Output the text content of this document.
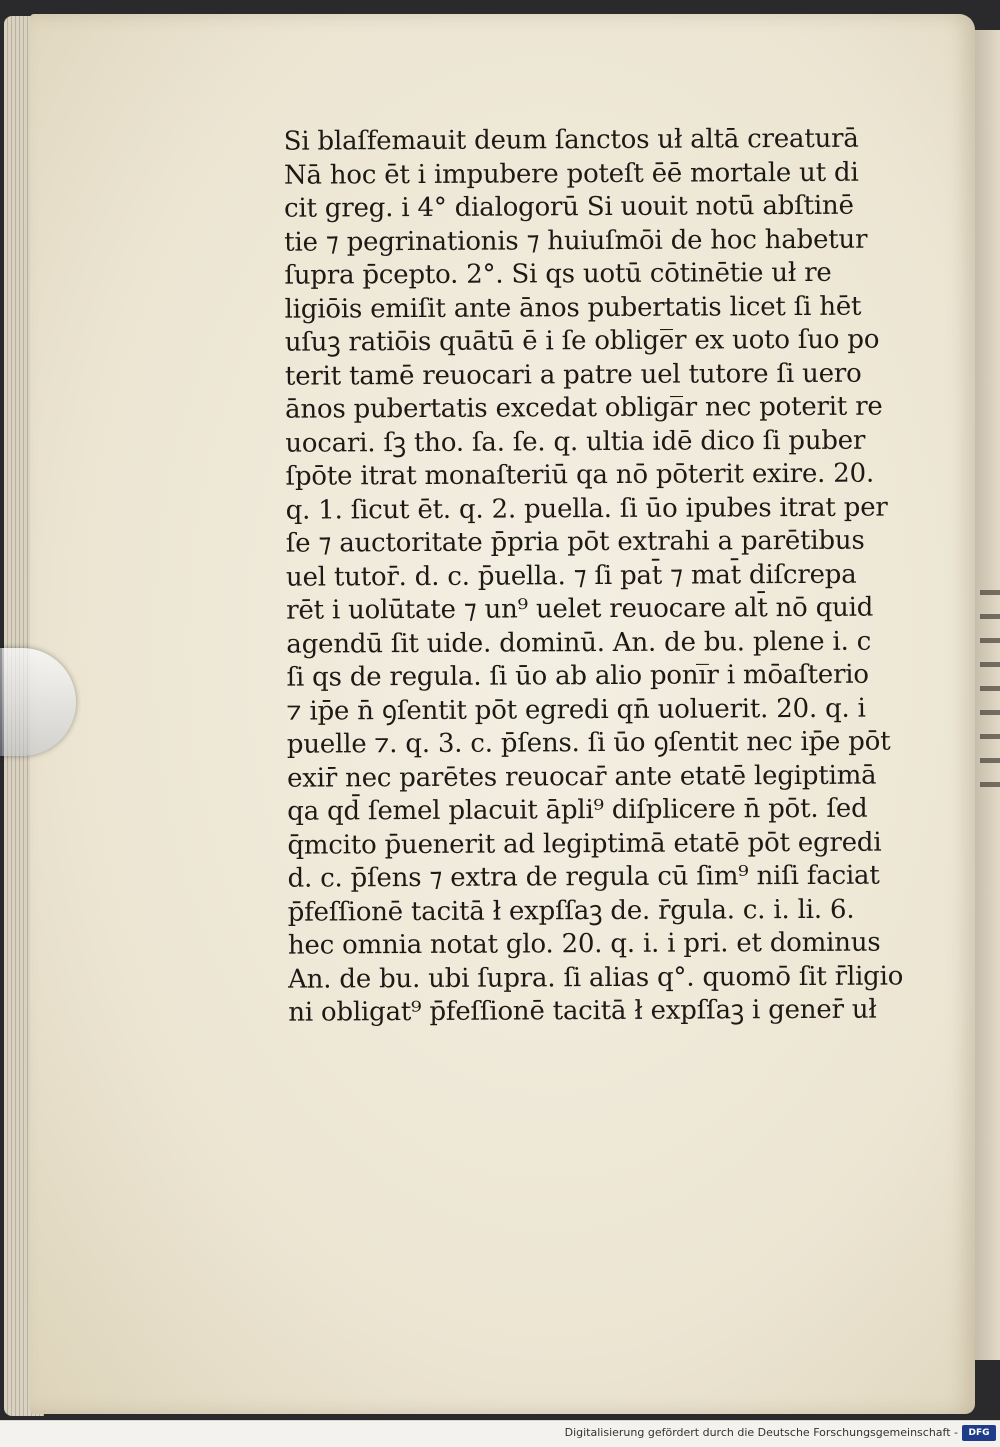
Si blaſfemauit deum ſanctos uł altā creaturā
Nā hoc ēt i impubere poteſt ēē mortale ut di
cit greg. i 4° dialogorū Si uouit notū abſtinē
tie ⁊ pegrinationis ⁊ huiuſmōi de hoc habetur
ſupra p̄cepto. 2°. Si qs uotū cōtinētie uł re
ligiōis emiſit ante ānos pubertatis licet ſi hēt
uſuꝫ ratiōis quātū ē i ſe oblige̅r ex uoto ſuo po
terit tamē reuocari a patre uel tutore ſi uero
ānos pubertatis excedat obliga̅r nec poterit re
uocari. ſꝫ tho. ſa. ſe. q. ultia idē dico ſi puber
ſpōte itrat monaſteriū qa nō pōterit exire. 20.
q. 1. ſicut ēt. q. 2. puella. ſi ūo ipubes itrat per
ſe ⁊ auctoritate p̄pria pōt extrahi a parētibus
uel tutor̄. d. c. p̄uella. ⁊ ſi pat̄ ⁊ mat̄ diſcrepa
rēt i uolūtate ⁊ un⁹ uelet reuocare alt̄ nō quid
agendū ſit uide. dominū. An. de bu. plene i. c
ſi qs de regula. ſi ūo ab alio poni̅r i mōaſterio
⁊ ip̄e n̄ ꝯſentit pōt egredi qn̄ uoluerit. 20. q. i
puelle ⁊. q. 3. c. p̄ſens. ſi ūo ꝯſentit nec ip̄e pōt
exir̄ nec parētes reuocar̄ ante etatē legiptimā
qa qd̄ ſemel placuit āpli⁹ diſplicere n̄ pōt. ſed
q̄mcito p̄uenerit ad legiptimā etatē pōt egredi
d. c. p̄ſens ⁊ extra de regula cū ſim⁹ niſi faciat
p̄feſſionē tacitā ł expſſaꝫ de. r̄gula. c. i. li. 6.
hec omnia notat glo. 20. q. i. i pri. et dominus
An. de bu. ubi ſupra. ſi alias q°. quomō ſit r̄ligio
ni obligat⁹ p̄feſſionē tacitā ł expſſaꝫ i gener̄ uł
Digitalisierung gefördert durch die Deutsche Forschungsgemeinschaft -	DFG
